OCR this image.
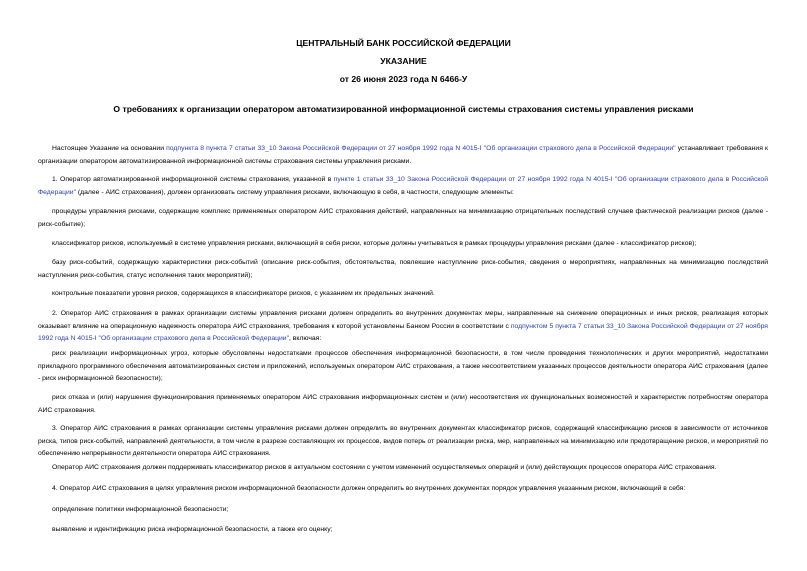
ЦЕНТРАЛЬНЫЙ БАНК РОССИЙСКОЙ ФЕДЕРАЦИИ
УКАЗАНИЕ
от 26 июня 2023 года N 6466-У
О требованиях к организации оператором автоматизированной информационной системы страхования системы управления рисками
Настоящее Указание на основании подпункта 8 пункта 7 статьи 33_10 Закона Российской Федерации от 27 ноября 1992 года N 4015-I "Об организации страхового дела в Российской Федерации" устанавливает требования к организации оператором автоматизированной информационной системы страхования системы управления рисками.
1. Оператор автоматизированной информационной системы страхования, указанной в пункте 1 статьи 33_10 Закона Российской Федерации от 27 ноября 1992 года N 4015-I "Об организации страхового дела в Российской Федерации" (далее - АИС страхования), должен организовать систему управления рисками, включающую в себя, в частности, следующие элементы:
процедуры управления рисками, содержащие комплекс применяемых оператором АИС страхования действий, направленных на минимизацию отрицательных последствий случаев фактической реализации рисков (далее - риск-событие);
классификатор рисков, используемый в системе управления рисками, включающий в себя риски, которые должны учитываться в рамках процедуры управления рисками (далее - классификатор рисков);
базу риск-событий, содержащую характеристики риск-событий (описание риск-события, обстоятельства, повлекшие наступление риск-события, сведения о мероприятиях, направленных на минимизацию последствий наступления риск-события, статус исполнения таких мероприятий);
контрольные показатели уровня рисков, содержащихся в классификаторе рисков, с указанием их предельных значений.
2. Оператор АИС страхования в рамках организации системы управления рисками должен определить во внутренних документах меры, направленные на снижение операционных и иных рисков, реализация которых оказывает влияние на операционную надежность оператора АИС страхования, требования к которой установлены Банком России в соответствии с подпунктом 5 пункта 7 статьи 33_10 Закона Российской Федерации от 27 ноября 1992 года N 4015-I "Об организации страхового дела в Российской Федерации", включая:
риск реализации информационных угроз, которые обусловлены недостатками процессов обеспечения информационной безопасности, в том числе проведения технологических и других мероприятий, недостатками прикладного программного обеспечения автоматизированных систем и приложений, используемых оператором АИС страхования, а также несоответствием указанных процессов деятельности оператора АИС страхования (далее - риск информационной безопасности);
риск отказа и (или) нарушения функционирования применяемых оператором АИС страхования информационных систем и (или) несоответствия их функциональных возможностей и характеристик потребностям оператора АИС страхования.
3. Оператор АИС страхования в рамках организации системы управления рисками должен определить во внутренних документах классификатор рисков, содержащий классификацию рисков в зависимости от источников риска, типов риск-событий, направлений деятельности, в том числе в разрезе составляющих их процессов, видов потерь от реализации риска, мер, направленных на минимизацию или предотвращение рисков, и мероприятий по обеспечению непрерывности деятельности оператора АИС страхования.
Оператор АИС страхования должен поддерживать классификатор рисков в актуальном состоянии с учетом изменений осуществляемых операций и (или) действующих процессов оператора АИС страхования.
4. Оператор АИС страхования в целях управления риском информационной безопасности должен определить во внутренних документах порядок управления указанным риском, включающий в себя:
определение политики информационной безопасности;
выявление и идентификацию риска информационной безопасности, а также его оценку;
